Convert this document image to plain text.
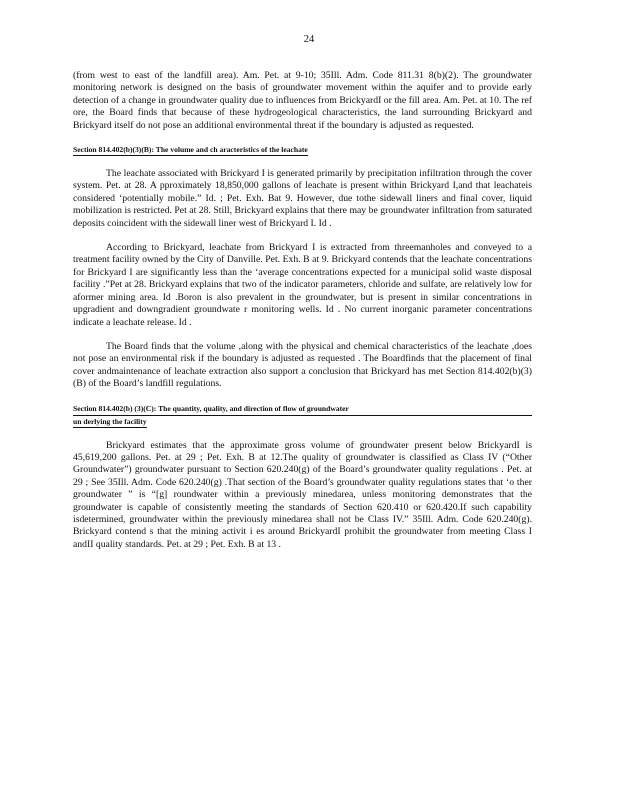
24

(from west to east of the landfill area). Am. Pet. at 9-10; 35Ill. Adm. Code 811.31 8(b)(2). The groundwater monitoring network is designed on the basis of groundwater movement within the aquifer and to provide early detection of a change in groundwater quality due to influences from BrickyardI or the fill area. Am. Pet. at 10. The ref ore, the Board finds that because of these hydrogeological characteristics, the land surrounding Brickyard and Brickyard itself do not pose an additional environmental threat if the boundary is adjusted as requested.

Section 814.402(b)(3)(B): The volume and ch aracteristics of the leachate

The leachate associated with Brickyard I is generated primarily by precipitation infiltration through the cover system. Pet. at 28. A pproximately 18,850,000 gallons of leachate is present within Brickyard I,and that leachateis considered ‘potentially mobile.” Id. ; Pet. Exh. Bat 9. However, due tothe sidewall liners and final cover, liquid mobilization is restricted. Pet at 28. Still, Brickyard explains that there may be groundwater infiltration from saturated deposits coincident with the sidewall liner west of Brickyard I. Id .

According to Brickyard, leachate from Brickyard I is extracted from threemanholes and conveyed to a treatment facility owned by the City of Danville. Pet. Exh. B at 9. Brickyard contends that the leachate concentrations for Brickyard I are significantly less than the ‘average concentrations expected for a municipal solid waste disposal facility .”Pet at 28. Brickyard explains that two of the indicator parameters, chloride and sulfate, are relatively low for aformer mining area. Id .Boron is also prevalent in the groundwater, but is present in similar concentrations in upgradient and downgradient groundwate r monitoring wells. Id . No current inorganic parameter concentrations indicate a leachate release. Id .

The Board finds that the volume ,along with the physical and chemical characteristics of the leachate ,does not pose an environmental risk if the boundary is adjusted as requested . The Boardfinds that the placement of final cover andmaintenance of leachate extraction also support a conclusion that Brickyard has met Section 814.402(b)(3)(B) of the Board’s landfill regulations.

Section 814.402(b) (3)(C): The quantity, quality, and direction of flow of groundwater

un derlying the facility

Brickyard estimates that the approximate gross volume of groundwater present below BrickyardI is 45,619,200 gallons. Pet. at 29 ; Pet. Exh. B at 12.The quality of groundwater is classified as Class IV (“Other Groundwater”) groundwater pursuant to Section 620.240(g) of the Board’s groundwater quality regulations . Pet. at 29 ; See 35Ill. Adm. Code 620.240(g) .That section of the Board’s groundwater quality regulations states that ‘o ther groundwater ” is “[g] roundwater within a previously minedarea, unless monitoring demonstrates that the groundwater is capable of consistently meeting the standards of Section 620.410 or 620.420.If such capability isdetermined, groundwater within the previously minedarea shall not be Class IV.” 35Ill. Adm. Code 620.240(g). Brickyard contend s that the mining activit i es around BrickyardI prohibit the groundwater from meeting Class I andII quality standards. Pet. at 29 ; Pet. Exh. B at 13 .
